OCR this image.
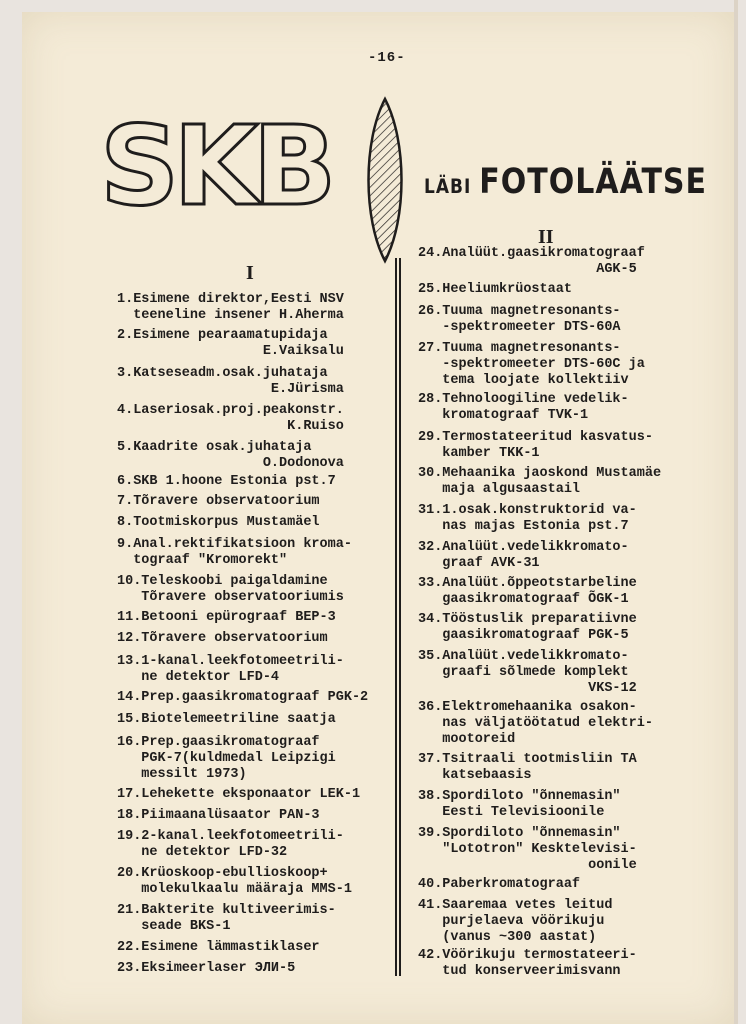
-16-
SKB	LÄBI FOTOLÄÄTSE
I
II
1.Esimene direktor,Eesti NSV
teeneline insener H.Aherma
2.Esimene pearaamatupidaja
E.Vaiksalu
3.Katseseadm.osak.juhataja
E.Jürisma
4.Laseriosak.proj.peakonstr.
K.Ruiso
5.Kaadrite osak.juhataja
O.Dodonova
6.SKB 1.hoone Estonia pst.7
7.Tõravere observatoorium
8.Tootmiskorpus Mustamäel
9.Anal.rektifikatsioon kroma-
tograaf "Kromorekt"
10.Teleskoobi paigaldamine
Tõravere observatooriumis
11.Betooni epürograaf BEP-3
12.Tõravere observatoorium
13.1-kanal.leekfotomeetrili-
ne detektor LFD-4
14.Prep.gaasikromatograaf PGK-2
15.Biotelemeetriline saatja
16.Prep.gaasikromatograaf
PGK-7(kuldmedal Leipzigi
messilt 1973)
17.Lehekette eksponaator LEK-1
18.Piimaanalüsaator PAN-3
19.2-kanal.leekfotomeetrili-
ne detektor LFD-32
20.Krüoskoop-ebullioskoop+
molekulkaalu määraja MMS-1
21.Bakterite kultiveerimis-
seade BKS-1
22.Esimene lämmastiklaser
23.Eksimeerlaser ЭЛИ-5
24.Analüüt.gaasikromatograaf
AGK-5
25.Heeliumkrüostaat
26.Tuuma magnetresonants-
-spektromeeter DTS-60A
27.Tuuma magnetresonants-
-spektromeeter DTS-60C ja
tema loojate kollektiiv
28.Tehnoloogiline vedelik-
kromatograaf TVK-1
29.Termostateeritud kasvatus-
kamber TKK-1
30.Mehaanika jaoskond Mustamäe
maja algusaastail
31.1.osak.konstruktorid va-
nas majas Estonia pst.7
32.Analüüt.vedelikkromato-
graaf AVK-31
33.Analüüt.õppeotstarbeline
gaasikromatograaf ÕGK-1
34.Tööstuslik preparatiivne
gaasikromatograaf PGK-5
35.Analüüt.vedelikkromato-
graafi sõlmede komplekt
VKS-12
36.Elektromehaanika osakon-
nas väljatöötatud elektri-
mootoreid
37.Tsitraali tootmisliin TA
katsebaasis
38.Spordiloto "õnnemasin"
Eesti Televisioonile
39.Spordiloto "õnnemasin"
"Lototron" Kesktelevisi-
oonile
40.Paberkromatograaf
41.Saaremaa vetes leitud
purjelaeva vöörikuju
(vanus ~300 aastat)
42.Vöörikuju termostateeri-
tud konserveerimisvann
